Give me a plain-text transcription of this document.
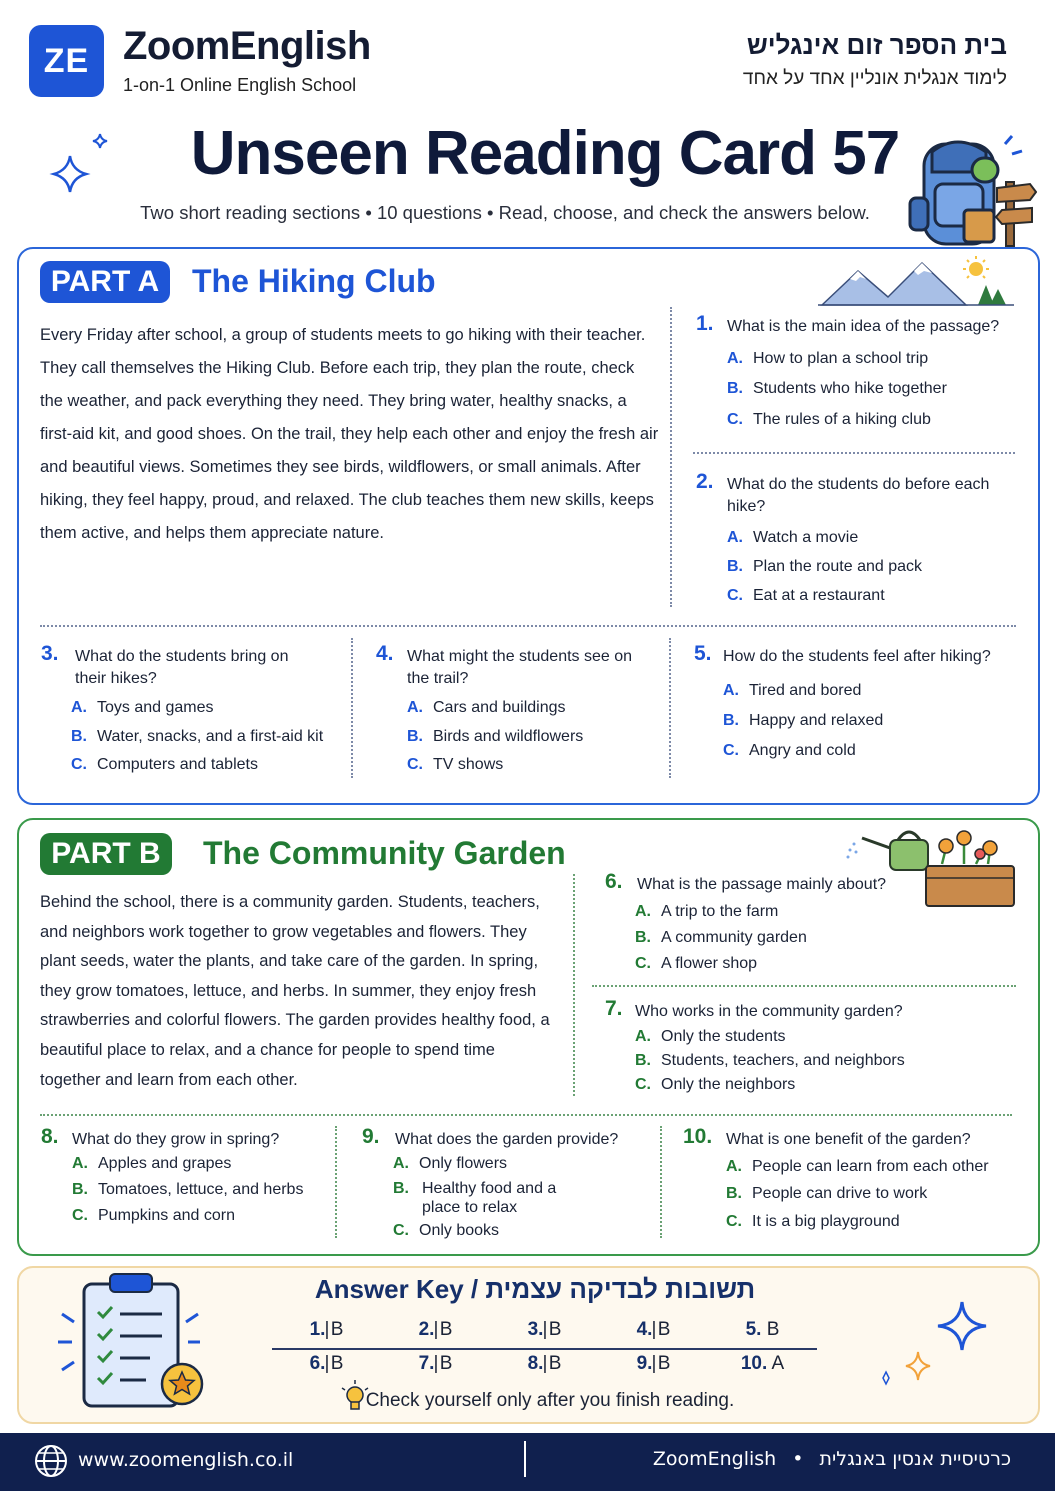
ZE ZoomEnglish
1-on-1 Online English School
בית הספר זום אינגליש
לימוד אנגלית אונליין אחד על אחד
Unseen Reading Card 57
Two short reading sections • 10 questions • Read, choose, and check the answers below.
PART A	The Hiking Club
Every Friday after school, a group of students meets to go hiking with their teacher. They call themselves the Hiking Club. Before each trip, they plan the route, check the weather, and pack everything they need. They bring water, healthy snacks, a first-aid kit, and good shoes. On the trail, they help each other and enjoy the fresh air and beautiful views. Sometimes they see birds, wildflowers, or small animals. After hiking, they feel happy, proud, and relaxed. The club teaches them new skills, keeps them active, and helps them appreciate nature.
1. What is the main idea of the passage?
A. How to plan a school trip
B. Students who hike together
C. The rules of a hiking club
2. What do the students do before each hike?
A. Watch a movie
B. Plan the route and pack
C. Eat at a restaurant
3. What do the students bring on their hikes?
A. Toys and games
B. Water, snacks, and a first-aid kit
C. Computers and tablets
4. What might the students see on the trail?
A. Cars and buildings
B. Birds and wildflowers
C. TV shows
5. How do the students feel after hiking?
A. Tired and bored
B. Happy and relaxed
C. Angry and cold
PART B	The Community Garden
Behind the school, there is a community garden. Students, teachers, and neighbors work together to grow vegetables and flowers. They plant seeds, water the plants, and take care of the garden. In spring, they grow tomatoes, lettuce, and herbs. In summer, they enjoy fresh strawberries and colorful flowers. The garden provides healthy food, a beautiful place to relax, and a chance for people to spend time together and learn from each other.
6. What is the passage mainly about?
A. A trip to the farm
B. A community garden
C. A flower shop
7. Who works in the community garden?
A. Only the students
B. Students, teachers, and neighbors
C. Only the neighbors
8. What do they grow in spring?
A. Apples and grapes
B. Tomatoes, lettuce, and herbs
C. Pumpkins and corn
9. What does the garden provide?
A. Only flowers
B. Healthy food and a place to relax
C. Only books
10. What is one benefit of the garden?
A. People can learn from each other
B. People can drive to work
C. It is a big playground
Answer Key / תשובות לבדיקה עצמית
1. B	2. B	3. B	4. B	5. B
|	|	|	|
6. B	7. B	8. B	9. B	10. A
|	|	|	|
Check yourself only after you finish reading.
www.zoomenglish.co.il	כרטיסיית אנסין באנגלית • ZoomEnglish
